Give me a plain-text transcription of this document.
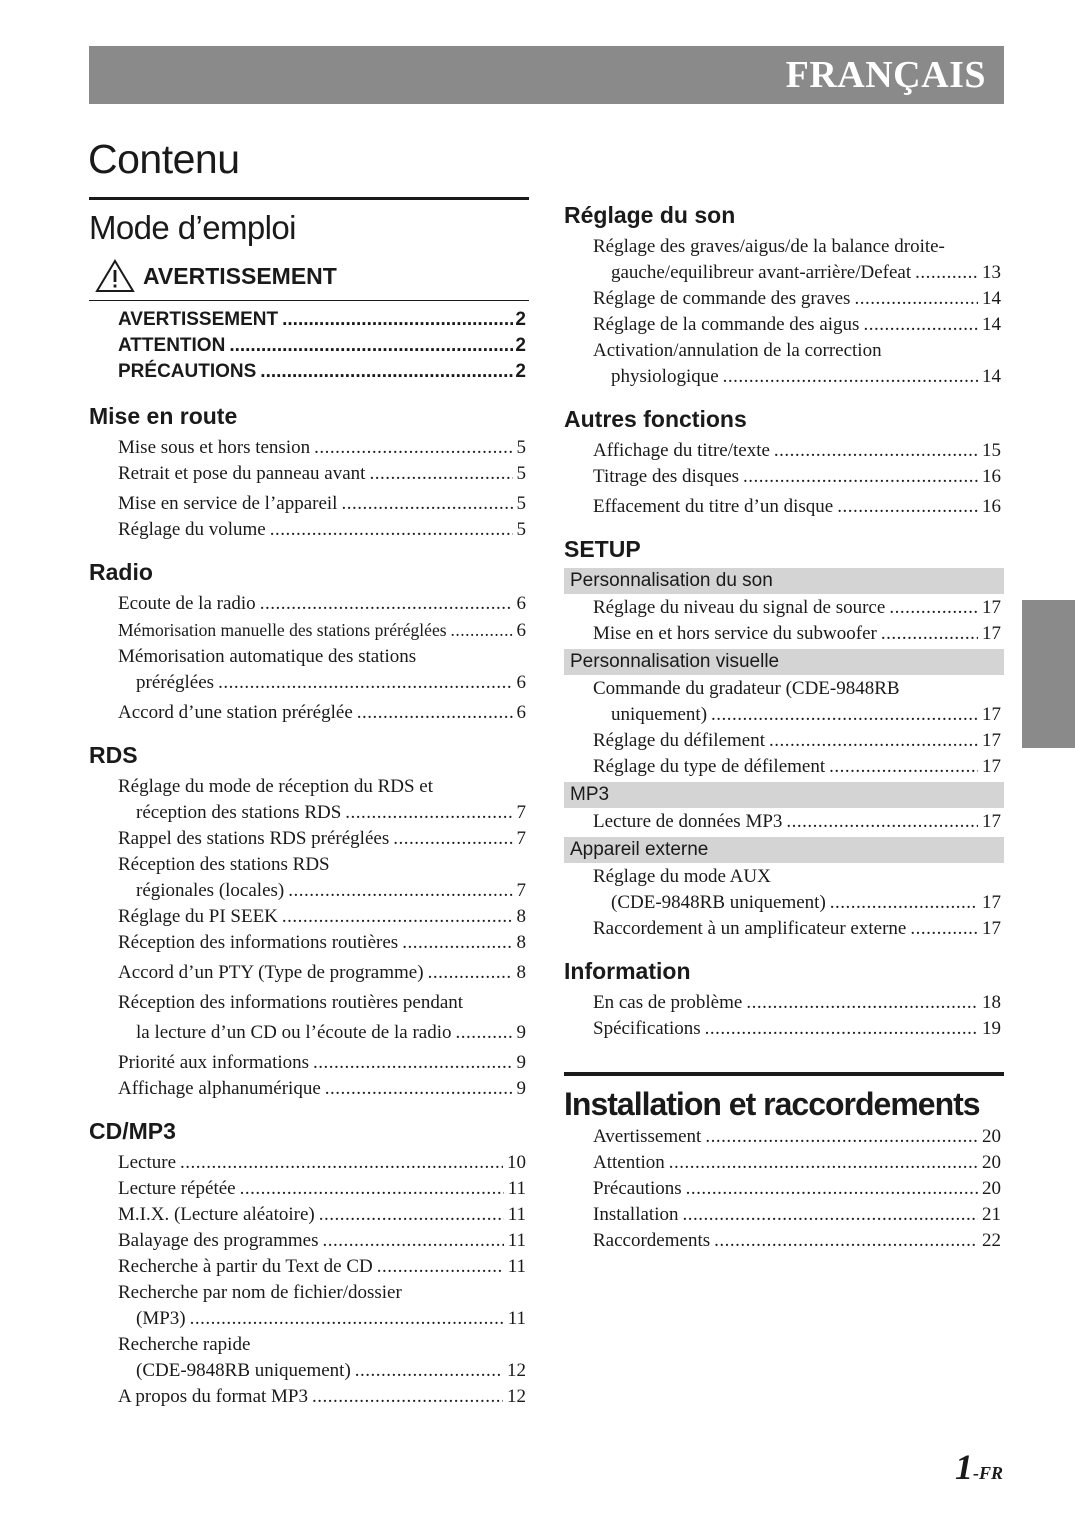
FRANÇAIS
Contenu
Mode d’emploi
AVERTISSEMENT
AVERTISSEMENT .....	2
ATTENTION .....	2
PRÉCAUTIONS .....	2
Mise en route
Mise sous et hors tension .....	5
Retrait et pose du panneau avant .....	5
Mise en service de l’appareil .....	5
Réglage du volume .....	5
Radio
Ecoute de la radio .....	6
Mémorisation manuelle des stations préréglées .....	6
Mémorisation automatique des stations
préréglées .....	6
Accord d’une station préréglée .....	6
RDS
Réglage du mode de réception du RDS et
réception des stations RDS .....	7
Rappel des stations RDS préréglées .....	7
Réception des stations RDS
régionales (locales) .....	7
Réglage du PI SEEK .....	8
Réception des informations routières .....	8
Accord d’un PTY (Type de programme) .....	8
Réception des informations routières pendant
la lecture d’un CD ou l’écoute de la radio .....	9
Priorité aux informations .....	9
Affichage alphanumérique .....	9
CD/MP3
Lecture .....	10
Lecture répétée .....	11
M.I.X. (Lecture aléatoire) .....	11
Balayage des programmes .....	11
Recherche à partir du Text de CD .....	11
Recherche par nom de fichier/dossier
(MP3) .....	11
Recherche rapide
(CDE-9848RB uniquement) .....	12
A propos du format MP3 .....	12
Réglage du son
Réglage des graves/aigus/de la balance droite-
gauche/equilibreur avant-arrière/Defeat .....	13
Réglage de commande des graves .....	14
Réglage de la commande des aigus .....	14
Activation/annulation de la correction
physiologique .....	14
Autres fonctions
Affichage du titre/texte .....	15
Titrage des disques .....	16
Effacement du titre d’un disque .....	16
SETUP
Personnalisation du son
Réglage du niveau du signal de source .....	17
Mise en et hors service du subwoofer .....	17
Personnalisation visuelle
Commande du gradateur (CDE-9848RB
uniquement) .....	17
Réglage du défilement .....	17
Réglage du type de défilement .....	17
MP3
Lecture de données MP3 .....	17
Appareil externe
Réglage du mode AUX
(CDE-9848RB uniquement) .....	17
Raccordement à un amplificateur externe .....	17
Information
En cas de problème .....	18
Spécifications .....	19
Installation et raccordements
Avertissement .....	20
Attention .....	20
Précautions .....	20
Installation .....	21
Raccordements .....	22
1-FR
